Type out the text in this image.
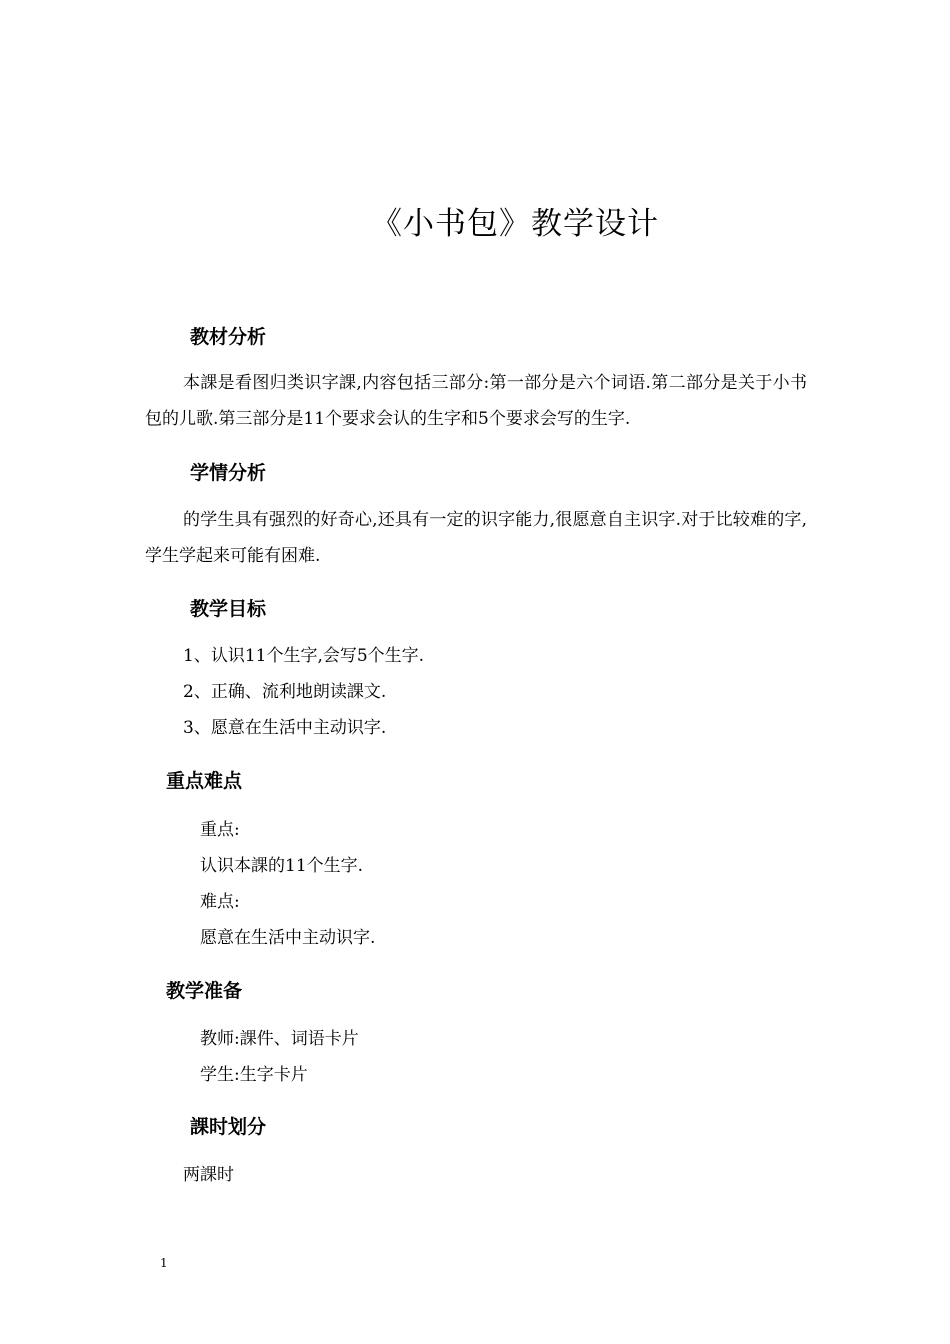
《小书包》教学设计
教材分析

本課是看图归类识字課,内容包括三部分:第一部分是六个词语.第二部分是关于小书包的儿歌.第三部分是11个要求会认的生字和5个要求会写的生字.

学情分析

的学生具有强烈的好奇心,还具有一定的识字能力,很愿意自主识字.对于比较难的字,学生学起来可能有困难.

教学目标
1、认识11个生字,会写5个生字.
2、正确、流利地朗读課文.
3、愿意在生活中主动识字.
重点难点
重点:
认识本課的11个生字.
难点:
愿意在生活中主动识字.
教学准备
教师:課件、词语卡片
学生:生字卡片
課时划分
两課时
1
